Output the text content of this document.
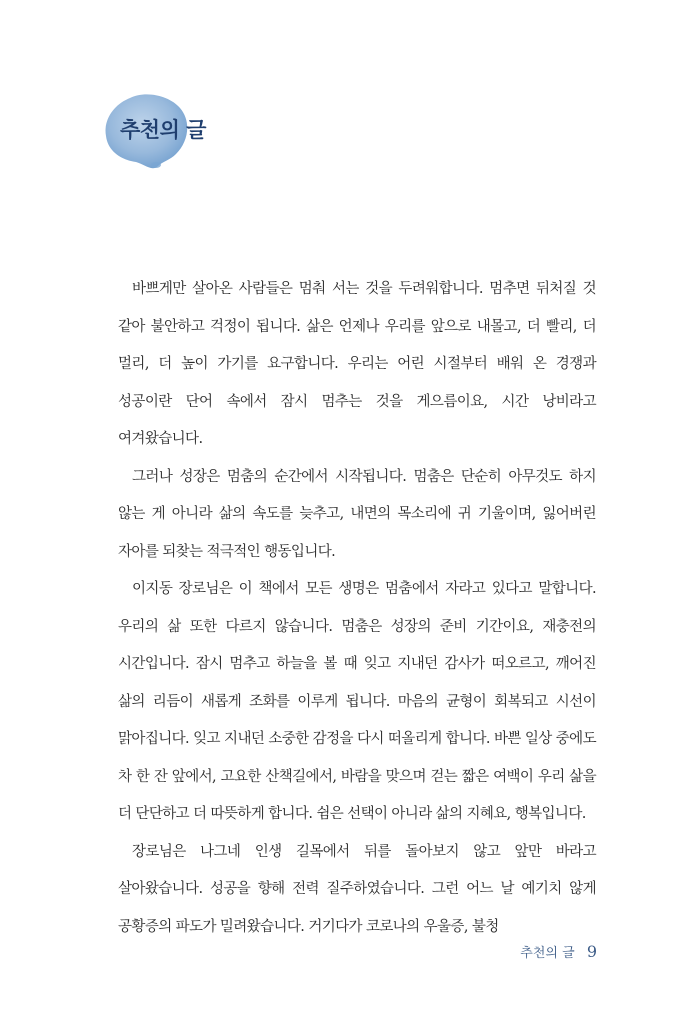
추천의 글

바쁘게만 살아온 사람들은 멈춰 서는 것을 두려워합니다. 멈추면 뒤처질 것 같아 불안하고 걱정이 됩니다. 삶은 언제나 우리를 앞으로 내몰고, 더 빨리, 더 멀리, 더 높이 가기를 요구합니다. 우리는 어린 시절부터 배워 온 경쟁과 성공이란 단어 속에서 잠시 멈추는 것을 게으름이요, 시간 낭비라고 여겨왔습니다.

그러나 성장은 멈춤의 순간에서 시작됩니다. 멈춤은 단순히 아무것도 하지 않는 게 아니라 삶의 속도를 늦추고, 내면의 목소리에 귀 기울이며, 잃어버린 자아를 되찾는 적극적인 행동입니다.

이지동 장로님은 이 책에서 모든 생명은 멈춤에서 자라고 있다고 말합니다. 우리의 삶 또한 다르지 않습니다. 멈춤은 성장의 준비 기간이요, 재충전의 시간입니다. 잠시 멈추고 하늘을 볼 때 잊고 지내던 감사가 떠오르고, 깨어진 삶의 리듬이 새롭게 조화를 이루게 됩니다. 마음의 균형이 회복되고 시선이 맑아집니다. 잊고 지내던 소중한 감정을 다시 떠올리게 합니다. 바쁜 일상 중에도 차 한 잔 앞에서, 고요한 산책길에서, 바람을 맞으며 걷는 짧은 여백이 우리 삶을 더 단단하고 더 따뜻하게 합니다. 쉼은 선택이 아니라 삶의 지혜요, 행복입니다.

장로님은 나그네 인생 길목에서 뒤를 돌아보지 않고 앞만 바라고 살아왔습니다. 성공을 향해 전력 질주하였습니다. 그런 어느 날 예기치 않게 공황증의 파도가 밀려왔습니다. 거기다가 코로나의 우울증, 불청

추천의 글 9
